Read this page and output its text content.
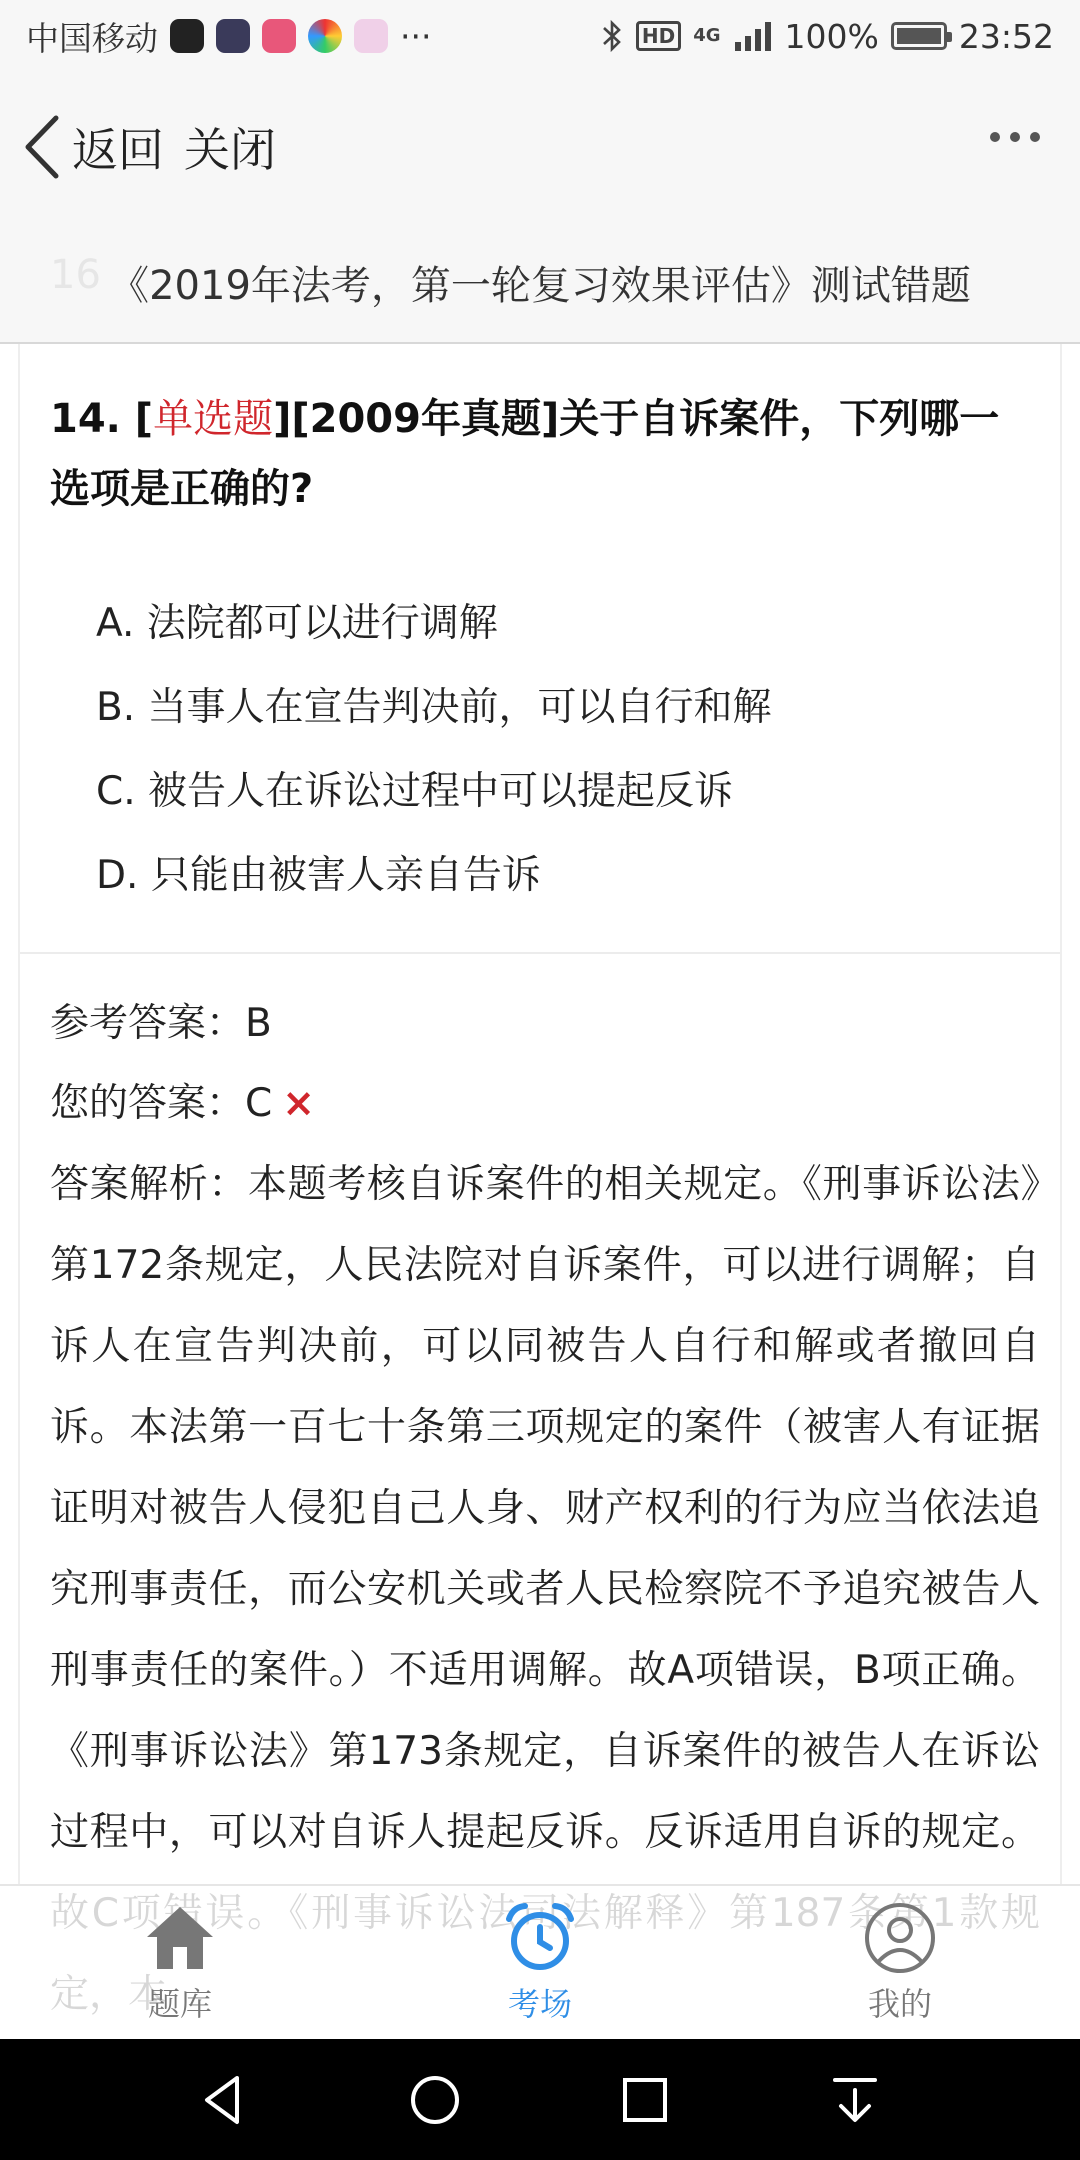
中国移动	···	HD	4G 100% 23:52
返回 关闭
16 《2019年法考，第一轮复习效果评估》测试错题
14. [单选题][2009年真题]关于自诉案件，下列哪一选项是正确的?
A. 法院都可以进行调解
B. 当事人在宣告判决前，可以自行和解
C. 被告人在诉讼过程中可以提起反诉
D. 只能由被害人亲自告诉
参考答案：B
您的答案：C ×
答案解析：本题考核自诉案件的相关规定。《刑事诉讼法》第172条规定，人民法院对自诉案件，可以进行调解；自诉人在宣告判决前，可以同被告人自行和解或者撤回自诉。本法第一百七十条第三项规定的案件（被害人有证据证明对被告人侵犯自己人身、财产权利的行为应当依法追究刑事责任，而公安机关或者人民检察院不予追究被告人刑事责任的案件。）不适用调解。故A项错误，B项正确。《刑事诉讼法》第173条规定，自诉案件的被告人在诉讼过程中，可以对自诉人提起反诉。反诉适用自诉的规定。
题库	考场	我的
